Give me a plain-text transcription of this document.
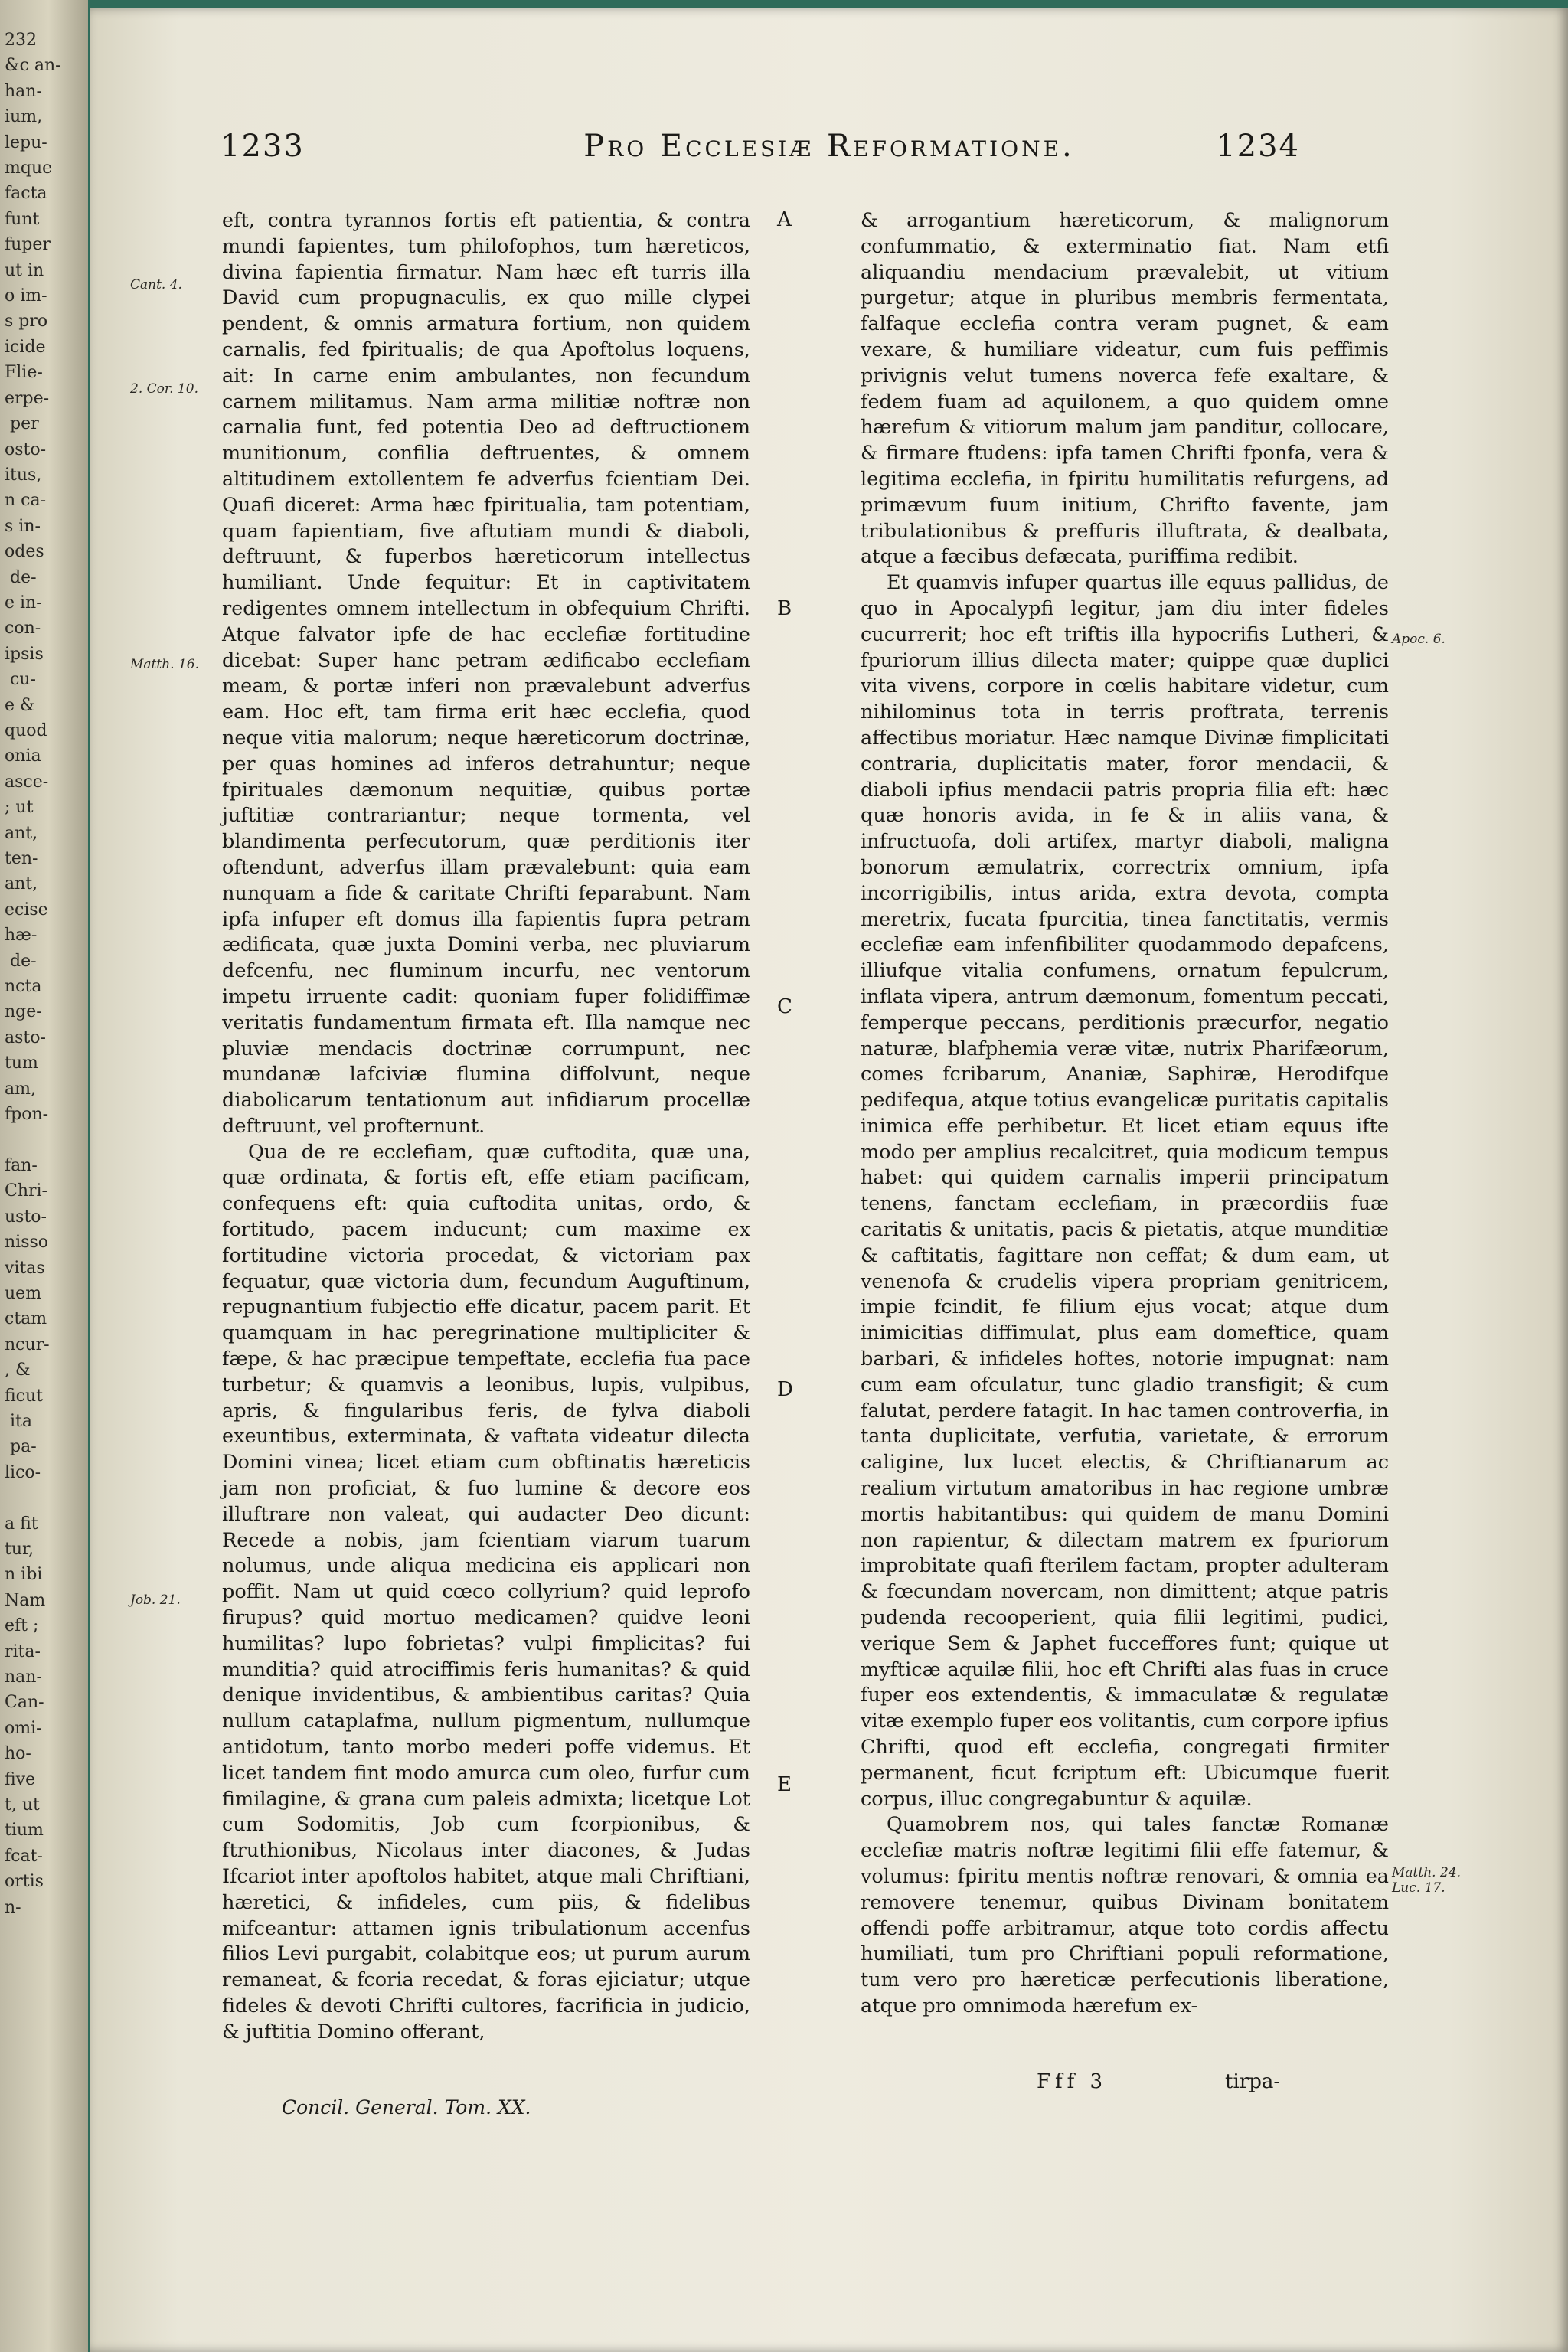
232
&c an-
han-
ium,
lepu-
mque
facta
funt
fuper
ut in
o im-
s pro
icide
Flie-
erpe-
per
osto-
itus,
n ca-
s in-
odes
de-
e in-
con-
ipsis
cu-
e &
quod
onia
asce-
; ut
ant,
ten-
ant,
ecise
hæ-
de-
ncta
nge-
asto-
tum
am,
fpon-

fan-
Chri-
usto-
nisso
vitas
uem
ctam
ncur-
, &
ficut
ita
pa-
lico-

a fit
tur,
n ibi
Nam
eft ;
rita-
nan-
Can-
omi-
ho-
five
t, ut
tium
fcat-
ortis
n-
1233	Pro Ecclesiæ Reformatione.	1234

eft, contra tyrannos fortis eft patientia, & contra mundi fapientes, tum philofophos, tum hæreticos, divina fapientia firmatur. Nam hæc eft turris illa David cum propugnaculis, ex quo mille clypei pendent, & omnis armatura fortium, non quidem carnalis, fed fpiritualis; de qua Apoftolus loquens, ait: In carne enim ambulantes, non fecundum carnem militamus. Nam arma militiæ noftræ non carnalia funt, fed potentia Deo ad deftructionem munitionum, confilia deftruentes, & omnem altitudinem extollentem fe adverfus fcientiam Dei. Quafi diceret: Arma hæc fpiritualia, tam potentiam, quam fapientiam, five aftutiam mundi & diaboli, deftruunt, & fuperbos hæreticorum intellectus humiliant. Unde fequitur: Et in captivitatem redigentes omnem intellectum in obfequium Chrifti. Atque falvator ipfe de hac ecclefiæ fortitudine dicebat: Super hanc petram ædificabo ecclefiam meam, & portæ inferi non prævalebunt adverfus eam. Hoc eft, tam firma erit hæc ecclefia, quod neque vitia malorum; neque hæreticorum doctrinæ, per quas homines ad inferos detrahuntur; neque fpirituales dæmonum nequitiæ, quibus portæ juftitiæ contrariantur; neque tormenta, vel blandimenta perfecutorum, quæ perditionis iter oftendunt, adverfus illam prævalebunt: quia eam nunquam a fide & caritate Chrifti feparabunt. Nam ipfa infuper eft domus illa fapientis fupra petram ædificata, quæ juxta Domini verba, nec pluviarum defcenfu, nec fluminum incurfu, nec ventorum impetu irruente cadit: quoniam fuper folidiffimæ veritatis fundamentum firmata eft. Illa namque nec pluviæ mendacis doctrinæ corrumpunt, nec mundanæ lafciviæ flumina diffolvunt, neque diabolicarum tentationum aut infidiarum procellæ deftruunt, vel profternunt.

Qua de re ecclefiam, quæ cuftodita, quæ una, quæ ordinata, & fortis eft, effe etiam pacificam, confequens eft: quia cuftodita unitas, ordo, & fortitudo, pacem inducunt; cum maxime ex fortitudine victoria procedat, & victoriam pax fequatur, quæ victoria dum, fecundum Auguftinum, repugnantium fubjectio effe dicatur, pacem parit. Et quamquam in hac peregrinatione multipliciter & fæpe, & hac præcipue tempeftate, ecclefia fua pace turbetur; & quamvis a leonibus, lupis, vulpibus, apris, & fingularibus feris, de fylva diaboli exeuntibus, exterminata, & vaftata videatur dilecta Domini vinea; licet etiam cum obftinatis hæreticis jam non proficiat, & fuo lumine & decore eos illuftrare non valeat, qui audacter Deo dicunt: Recede a nobis, jam fcientiam viarum tuarum nolumus, unde aliqua medicina eis applicari non poffit. Nam ut quid cœco collyrium? quid leprofo firupus? quid mortuo medicamen? quidve leoni humilitas? lupo fobrietas? vulpi fimplicitas? fui munditia? quid atrociffimis feris humanitas? & quid denique invidentibus, & ambientibus caritas? Quia nullum cataplafma, nullum pigmentum, nullumque antidotum, tanto morbo mederi poffe videmus. Et licet tandem fint modo amurca cum oleo, furfur cum fimilagine, & grana cum paleis admixta; licetque Lot cum Sodomitis, Job cum fcorpionibus, & ftruthionibus, Nicolaus inter diacones, & Judas Ifcariot inter apoftolos habitet, atque mali Chriftiani, hæretici, & infideles, cum piis, & fidelibus mifceantur: attamen ignis tribulationum accenfus filios Levi purgabit, colabitque eos; ut purum aurum remaneat, & fcoria recedat, & foras ejiciatur; utque fideles & devoti Chrifti cultores, facrificia in judicio, & juftitia Domino offerant,

& arrogantium hæreticorum, & malignorum confummatio, & exterminatio fiat. Nam etfi aliquandiu mendacium prævalebit, ut vitium purgetur; atque in pluribus membris fermentata, falfaque ecclefia contra veram pugnet, & eam vexare, & humiliare videatur, cum fuis peffimis privignis velut tumens noverca fefe exaltare, & fedem fuam ad aquilonem, a quo quidem omne hærefum & vitiorum malum jam panditur, collocare, & firmare ftudens: ipfa tamen Chrifti fponfa, vera & legitima ecclefia, in fpiritu humilitatis refurgens, ad primævum fuum initium, Chrifto favente, jam tribulationibus & preffuris illuftrata, & dealbata, atque a fæcibus defæcata, puriffima redibit.

Et quamvis infuper quartus ille equus pallidus, de quo in Apocalypfi legitur, jam diu inter fideles cucurrerit; hoc eft triftis illa hypocrifis Lutheri, & fpuriorum illius dilecta mater; quippe quæ duplici vita vivens, corpore in cœlis habitare videtur, cum nihilominus tota in terris proftrata, terrenis affectibus moriatur. Hæc namque Divinæ fimplicitati contraria, duplicitatis mater, foror mendacii, & diaboli ipfius mendacii patris propria filia eft: hæc quæ honoris avida, in fe & in aliis vana, & infructuofa, doli artifex, martyr diaboli, maligna bonorum æmulatrix, correctrix omnium, ipfa incorrigibilis, intus arida, extra devota, compta meretrix, fucata fpurcitia, tinea fanctitatis, vermis ecclefiæ eam infenfibiliter quodammodo depafcens, illiufque vitalia confumens, ornatum fepulcrum, inflata vipera, antrum dæmonum, fomentum peccati, femperque peccans, perditionis præcurfor, negatio naturæ, blafphemia veræ vitæ, nutrix Pharifæorum, comes fcribarum, Ananiæ, Saphiræ, Herodifque pedifequa, atque totius evangelicæ puritatis capitalis inimica effe perhibetur. Et licet etiam equus ifte modo per amplius recalcitret, quia modicum tempus habet: qui quidem carnalis imperii principatum tenens, fanctam ecclefiam, in præcordiis fuæ caritatis & unitatis, pacis & pietatis, atque munditiæ & caftitatis, fagittare non ceffat; & dum eam, ut venenofa & crudelis vipera propriam genitricem, impie fcindit, fe filium ejus vocat; atque dum inimicitias diffimulat, plus eam domeftice, quam barbari, & infideles hoftes, notorie impugnat: nam cum eam ofculatur, tunc gladio transfigit; & cum falutat, perdere fatagit. In hac tamen controverfia, in tanta duplicitate, verfutia, varietate, & errorum caligine, lux lucet electis, & Chriftianarum ac realium virtutum amatoribus in hac regione umbræ mortis habitantibus: qui quidem de manu Domini non rapientur, & dilectam matrem ex fpuriorum improbitate quafi fterilem factam, propter adulteram & fœcundam novercam, non dimittent; atque patris pudenda recooperient, quia filii legitimi, pudici, verique Sem & Japhet fucceffores funt; quique ut myfticæ aquilæ filii, hoc eft Chrifti alas fuas in cruce fuper eos extendentis, & immaculatæ & regulatæ vitæ exemplo fuper eos volitantis, cum corpore ipfius Chrifti, quod eft ecclefia, congregati firmiter permanent, ficut fcriptum eft: Ubicumque fuerit corpus, illuc congregabuntur & aquilæ.

Quamobrem nos, qui tales fanctæ Romanæ ecclefiæ matris noftræ legitimi filii effe fatemur, & volumus: fpiritu mentis noftræ renovari, & omnia ea removere tenemur, quibus Divinam bonitatem offendi poffe arbitramur, atque toto cordis affectu humiliati, tum pro Chriftiani populi reformatione, tum vero pro hæreticæ perfecutionis liberatione, atque pro omnimoda hærefum ex-

Cant. 4.
2. Cor. 10.
Matth. 16.
Job. 21.
Apoc. 6.
Matth. 24. Luc. 17.
A
B
C
D
E
Concil. General. Tom. XX.
Fff 3	tirpa-
